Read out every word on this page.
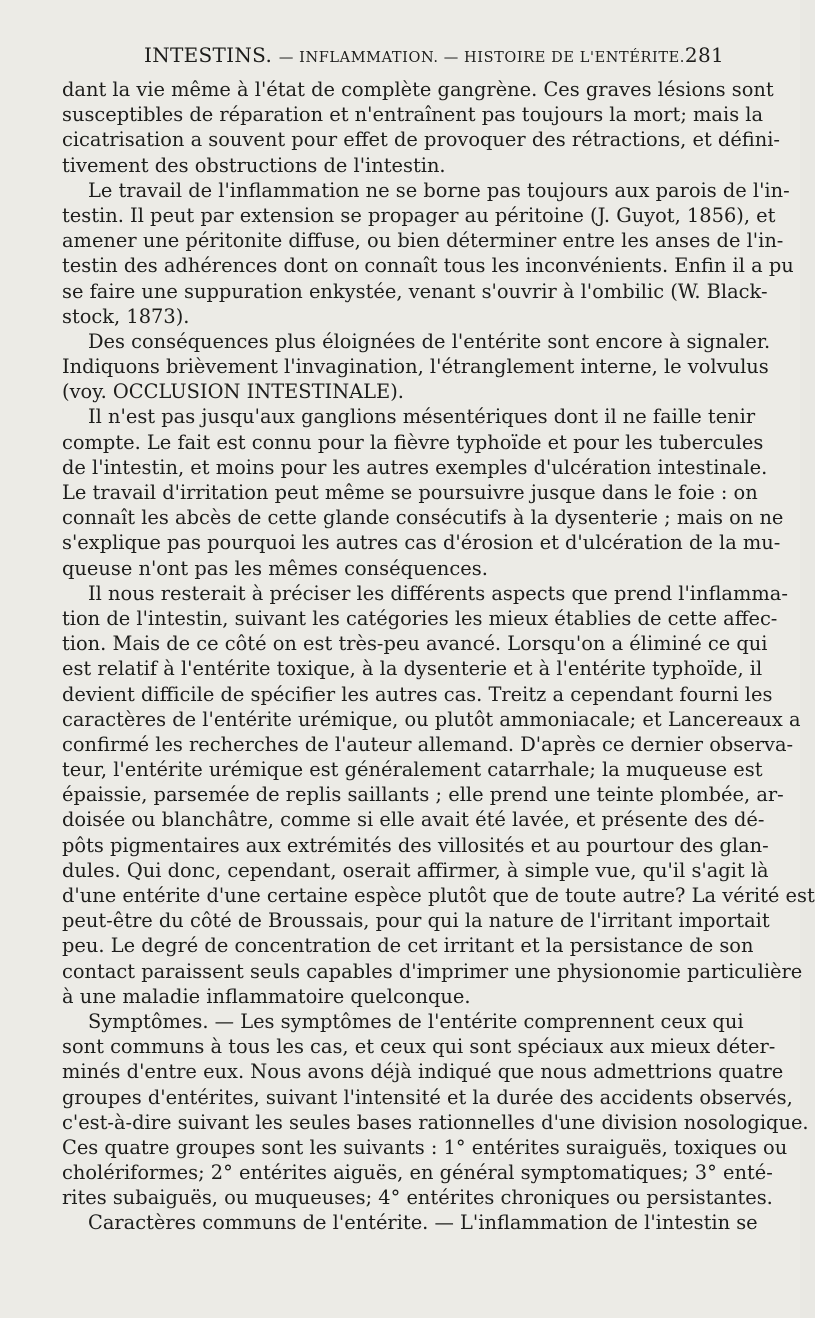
INTESTINS. — INFLAMMATION. — HISTOIRE DE L'ENTÉRITE. 281
dant la vie même à l'état de complète gangrène. Ces graves lésions sont
susceptibles de réparation et n'entraînent pas toujours la mort; mais la
cicatrisation a souvent pour effet de provoquer des rétractions, et défini-
tivement des obstructions de l'intestin.
Le travail de l'inflammation ne se borne pas toujours aux parois de l'in-
testin. Il peut par extension se propager au péritoine (J. Guyot, 1856), et
amener une péritonite diffuse, ou bien déterminer entre les anses de l'in-
testin des adhérences dont on connaît tous les inconvénients. Enfin il a pu
se faire une suppuration enkystée, venant s'ouvrir à l'ombilic (W. Black-
stock, 1873).
Des conséquences plus éloignées de l'entérite sont encore à signaler.
Indiquons brièvement l'invagination, l'étranglement interne, le volvulus
(voy. OCCLUSION INTESTINALE).
Il n'est pas jusqu'aux ganglions mésentériques dont il ne faille tenir
compte. Le fait est connu pour la fièvre typhoïde et pour les tubercules
de l'intestin, et moins pour les autres exemples d'ulcération intestinale.
Le travail d'irritation peut même se poursuivre jusque dans le foie : on
connaît les abcès de cette glande consécutifs à la dysenterie ; mais on ne
s'explique pas pourquoi les autres cas d'érosion et d'ulcération de la mu-
queuse n'ont pas les mêmes conséquences.
Il nous resterait à préciser les différents aspects que prend l'inflamma-
tion de l'intestin, suivant les catégories les mieux établies de cette affec-
tion. Mais de ce côté on est très-peu avancé. Lorsqu'on a éliminé ce qui
est relatif à l'entérite toxique, à la dysenterie et à l'entérite typhoïde, il
devient difficile de spécifier les autres cas. Treitz a cependant fourni les
caractères de l'entérite urémique, ou plutôt ammoniacale; et Lancereaux a
confirmé les recherches de l'auteur allemand. D'après ce dernier observa-
teur, l'entérite urémique est généralement catarrhale; la muqueuse est
épaissie, parsemée de replis saillants ; elle prend une teinte plombée, ar-
doisée ou blanchâtre, comme si elle avait été lavée, et présente des dé-
pôts pigmentaires aux extrémités des villosités et au pourtour des glan-
dules. Qui donc, cependant, oserait affirmer, à simple vue, qu'il s'agit là
d'une entérite d'une certaine espèce plutôt que de toute autre? La vérité est
peut-être du côté de Broussais, pour qui la nature de l'irritant importait
peu. Le degré de concentration de cet irritant et la persistance de son
contact paraissent seuls capables d'imprimer une physionomie particulière
à une maladie inflammatoire quelconque.
Symptômes. — Les symptômes de l'entérite comprennent ceux qui
sont communs à tous les cas, et ceux qui sont spéciaux aux mieux déter-
minés d'entre eux. Nous avons déjà indiqué que nous admettrions quatre
groupes d'entérites, suivant l'intensité et la durée des accidents observés,
c'est-à-dire suivant les seules bases rationnelles d'une division nosologique.
Ces quatre groupes sont les suivants : 1° entérites suraiguës, toxiques ou
cholériformes; 2° entérites aiguës, en général symptomatiques; 3° enté-
rites subaiguës, ou muqueuses; 4° entérites chroniques ou persistantes.
Caractères communs de l'entérite. — L'inflammation de l'intestin se
